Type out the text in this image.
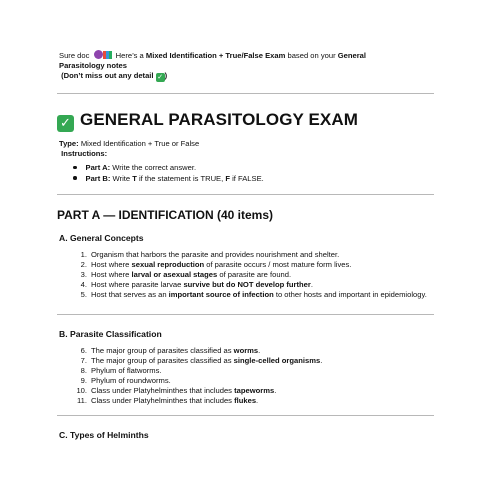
Sure doc	Here’s a Mixed Identification + True/False Exam based on your General
Parasitology notes
(Don’t miss out any detail ✓ )
✓ GENERAL PARASITOLOGY EXAM
Type: Mixed Identification + True or False
Instructions:
Part A: Write the correct answer.
Part B: Write T if the statement is TRUE, F if FALSE.
PART A — IDENTIFICATION (40 items)
A. General Concepts
1. Organism that harbors the parasite and provides nourishment and shelter.
2. Host where sexual reproduction of parasite occurs / most mature form lives.
3. Host where larval or asexual stages of parasite are found.
4. Host where parasite larvae survive but do NOT develop further.
5. Host that serves as an important source of infection to other hosts and important in epidemiology.
B. Parasite Classification
6. The major group of parasites classified as worms.
7. The major group of parasites classified as single-celled organisms.
8. Phylum of flatworms.
9. Phylum of roundworms.
10. Class under Platyhelminthes that includes tapeworms.
11. Class under Platyhelminthes that includes flukes.
C. Types of Helminths
